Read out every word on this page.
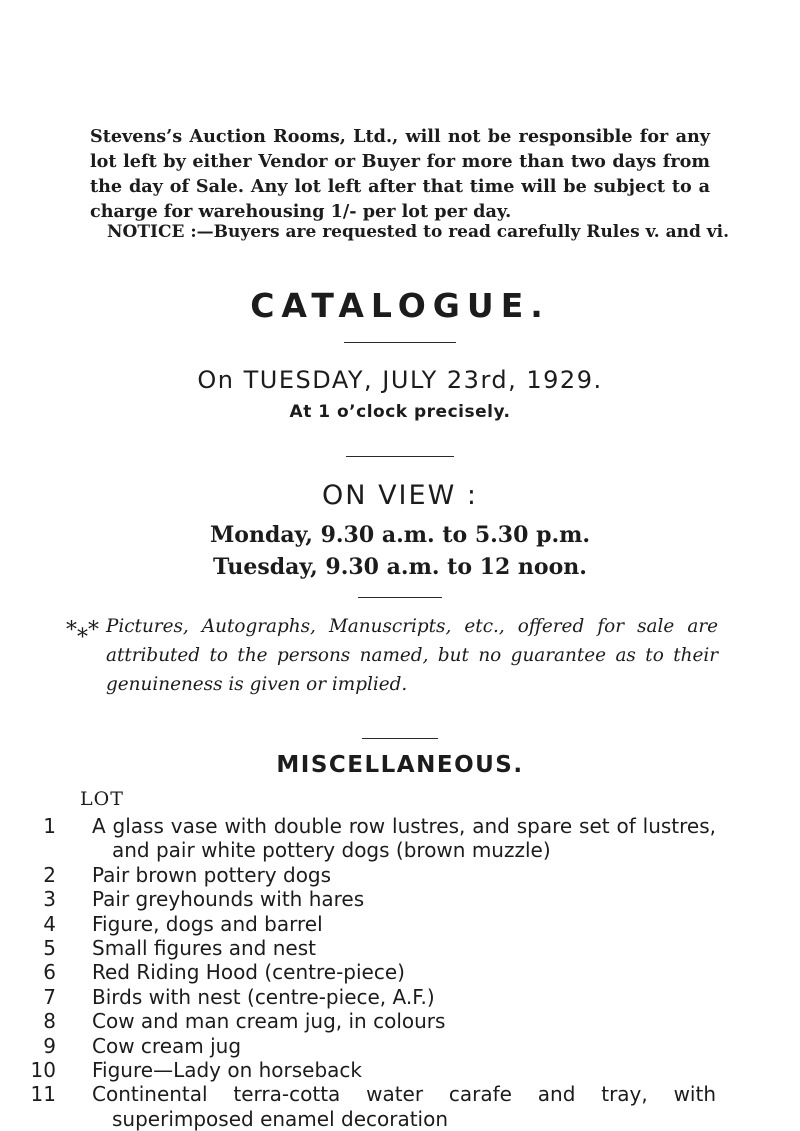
Stevens’s Auction Rooms, Ltd., will not be responsible for any lot left by either Vendor or Buyer for more than two days from the day of Sale. Any lot left after that time will be subject to a charge for warehousing 1/- per lot per day.

NOTICE :—Buyers are requested to read carefully Rules v. and vi.

CATALOGUE.

On TUESDAY, JULY 23rd, 1929.

At 1 o’clock precisely.

ON VIEW :

Monday, 9.30 a.m. to 5.30 p.m.

Tuesday, 9.30 a.m. to 12 noon.

*⁎* Pictures, Autographs, Manuscripts, etc., offered for sale are attributed to the persons named, but no guarantee as to their genuineness is given or implied.

MISCELLANEOUS.
LOT
1	A glass vase with double row lustres, and spare set of lustres, and pair white pottery dogs (brown muzzle)
2	Pair brown pottery dogs
3	Pair greyhounds with hares
4	Figure, dogs and barrel
5	Small figures and nest
6	Red Riding Hood (centre-piece)
7	Birds with nest (centre-piece, A.F.)
8	Cow and man cream jug, in colours
9	Cow cream jug
10	Figure—Lady on horseback
11	Continental terra-cotta water carafe and tray, with superimposed enamel decoration
